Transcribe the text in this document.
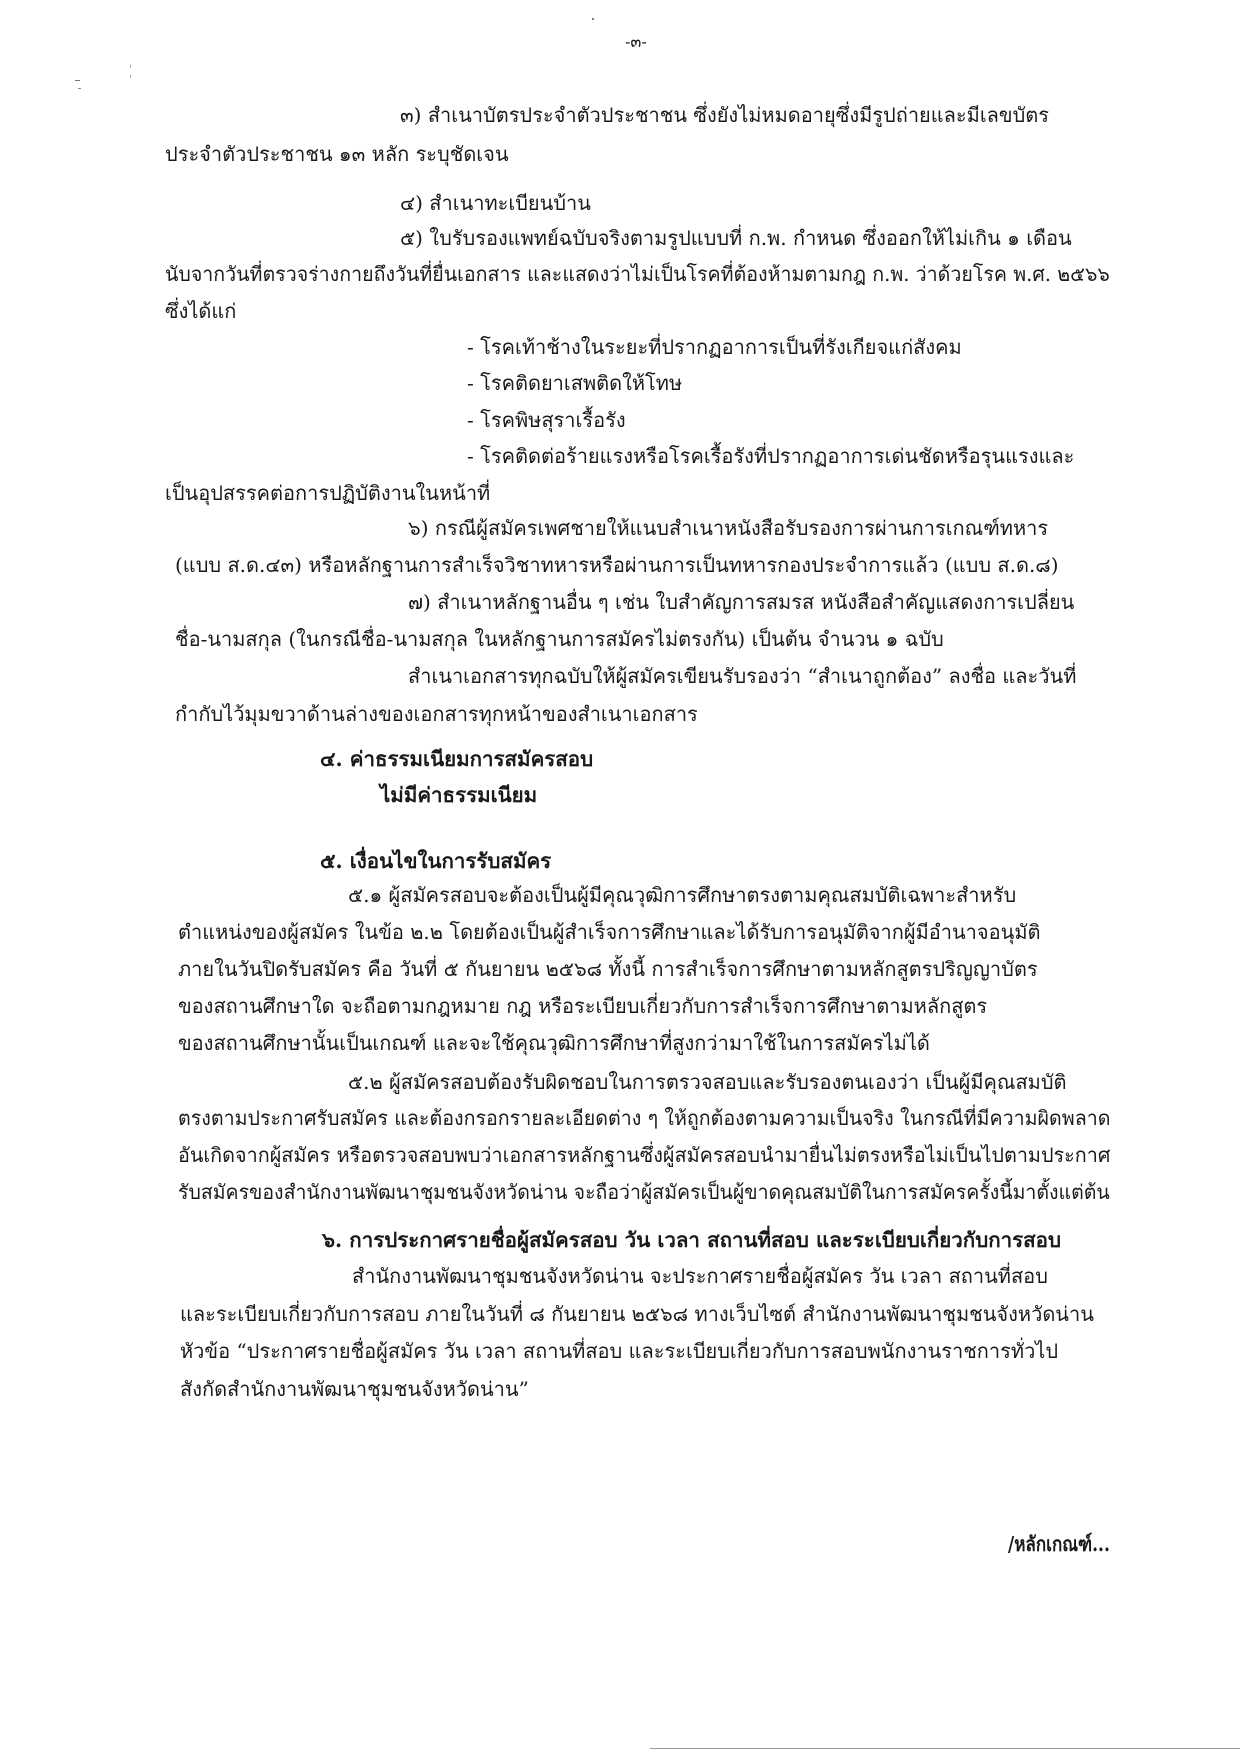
-๓-
๓) สำเนาบัตรประจำตัวประชาชน ซึ่งยังไม่หมดอายุซึ่งมีรูปถ่ายและมีเลขบัตร
ประจำตัวประชาชน ๑๓ หลัก ระบุชัดเจน
๔) สำเนาทะเบียนบ้าน
๕) ใบรับรองแพทย์ฉบับจริงตามรูปแบบที่ ก.พ. กำหนด ซึ่งออกให้ไม่เกิน ๑ เดือน
นับจากวันที่ตรวจร่างกายถึงวันที่ยื่นเอกสาร และแสดงว่าไม่เป็นโรคที่ต้องห้ามตามกฎ ก.พ. ว่าด้วยโรค พ.ศ. ๒๕๖๖
ซึ่งได้แก่
- โรคเท้าช้างในระยะที่ปรากฏอาการเป็นที่รังเกียจแก่สังคม
- โรคติดยาเสพติดให้โทษ
- โรคพิษสุราเรื้อรัง
- โรคติดต่อร้ายแรงหรือโรคเรื้อรังที่ปรากฏอาการเด่นชัดหรือรุนแรงและ
เป็นอุปสรรคต่อการปฏิบัติงานในหน้าที่
๖) กรณีผู้สมัครเพศชายให้แนบสำเนาหนังสือรับรองการผ่านการเกณฑ์ทหาร
(แบบ ส.ด.๔๓) หรือหลักฐานการสำเร็จวิชาทหารหรือผ่านการเป็นทหารกองประจำการแล้ว (แบบ ส.ด.๘)
๗) สำเนาหลักฐานอื่น ๆ เช่น ใบสำคัญการสมรส หนังสือสำคัญแสดงการเปลี่ยน
ชื่อ-นามสกุล (ในกรณีชื่อ-นามสกุล ในหลักฐานการสมัครไม่ตรงกัน) เป็นต้น จำนวน ๑ ฉบับ
สำเนาเอกสารทุกฉบับให้ผู้สมัครเขียนรับรองว่า “สำเนาถูกต้อง” ลงชื่อ และวันที่
กำกับไว้มุมขวาด้านล่างของเอกสารทุกหน้าของสำเนาเอกสาร
๔. ค่าธรรมเนียมการสมัครสอบ
ไม่มีค่าธรรมเนียม
๕. เงื่อนไขในการรับสมัคร
๕.๑ ผู้สมัครสอบจะต้องเป็นผู้มีคุณวุฒิการศึกษาตรงตามคุณสมบัติเฉพาะสำหรับ
ตำแหน่งของผู้สมัคร ในข้อ ๒.๒ โดยต้องเป็นผู้สำเร็จการศึกษาและได้รับการอนุมัติจากผู้มีอำนาจอนุมัติ
ภายในวันปิดรับสมัคร คือ วันที่ ๕ กันยายน ๒๕๖๘ ทั้งนี้ การสำเร็จการศึกษาตามหลักสูตรปริญญาบัตร
ของสถานศึกษาใด จะถือตามกฎหมาย กฎ หรือระเบียบเกี่ยวกับการสำเร็จการศึกษาตามหลักสูตร
ของสถานศึกษานั้นเป็นเกณฑ์ และจะใช้คุณวุฒิการศึกษาที่สูงกว่ามาใช้ในการสมัครไม่ได้
๕.๒ ผู้สมัครสอบต้องรับผิดชอบในการตรวจสอบและรับรองตนเองว่า เป็นผู้มีคุณสมบัติ
ตรงตามประกาศรับสมัคร และต้องกรอกรายละเอียดต่าง ๆ ให้ถูกต้องตามความเป็นจริง ในกรณีที่มีความผิดพลาด
อันเกิดจากผู้สมัคร หรือตรวจสอบพบว่าเอกสารหลักฐานซึ่งผู้สมัครสอบนำมายื่นไม่ตรงหรือไม่เป็นไปตามประกาศ
รับสมัครของสำนักงานพัฒนาชุมชนจังหวัดน่าน จะถือว่าผู้สมัครเป็นผู้ขาดคุณสมบัติในการสมัครครั้งนี้มาตั้งแต่ต้น
๖. การประกาศรายชื่อผู้สมัครสอบ วัน เวลา สถานที่สอบ และระเบียบเกี่ยวกับการสอบ
สำนักงานพัฒนาชุมชนจังหวัดน่าน จะประกาศรายชื่อผู้สมัคร วัน เวลา สถานที่สอบ
และระเบียบเกี่ยวกับการสอบ ภายในวันที่ ๘ กันยายน ๒๕๖๘ ทางเว็บไซต์ สำนักงานพัฒนาชุมชนจังหวัดน่าน
หัวข้อ “ประกาศรายชื่อผู้สมัคร วัน เวลา สถานที่สอบ และระเบียบเกี่ยวกับการสอบพนักงานราชการทั่วไป
สังกัดสำนักงานพัฒนาชุมชนจังหวัดน่าน”
/หลักเกณฑ์...
